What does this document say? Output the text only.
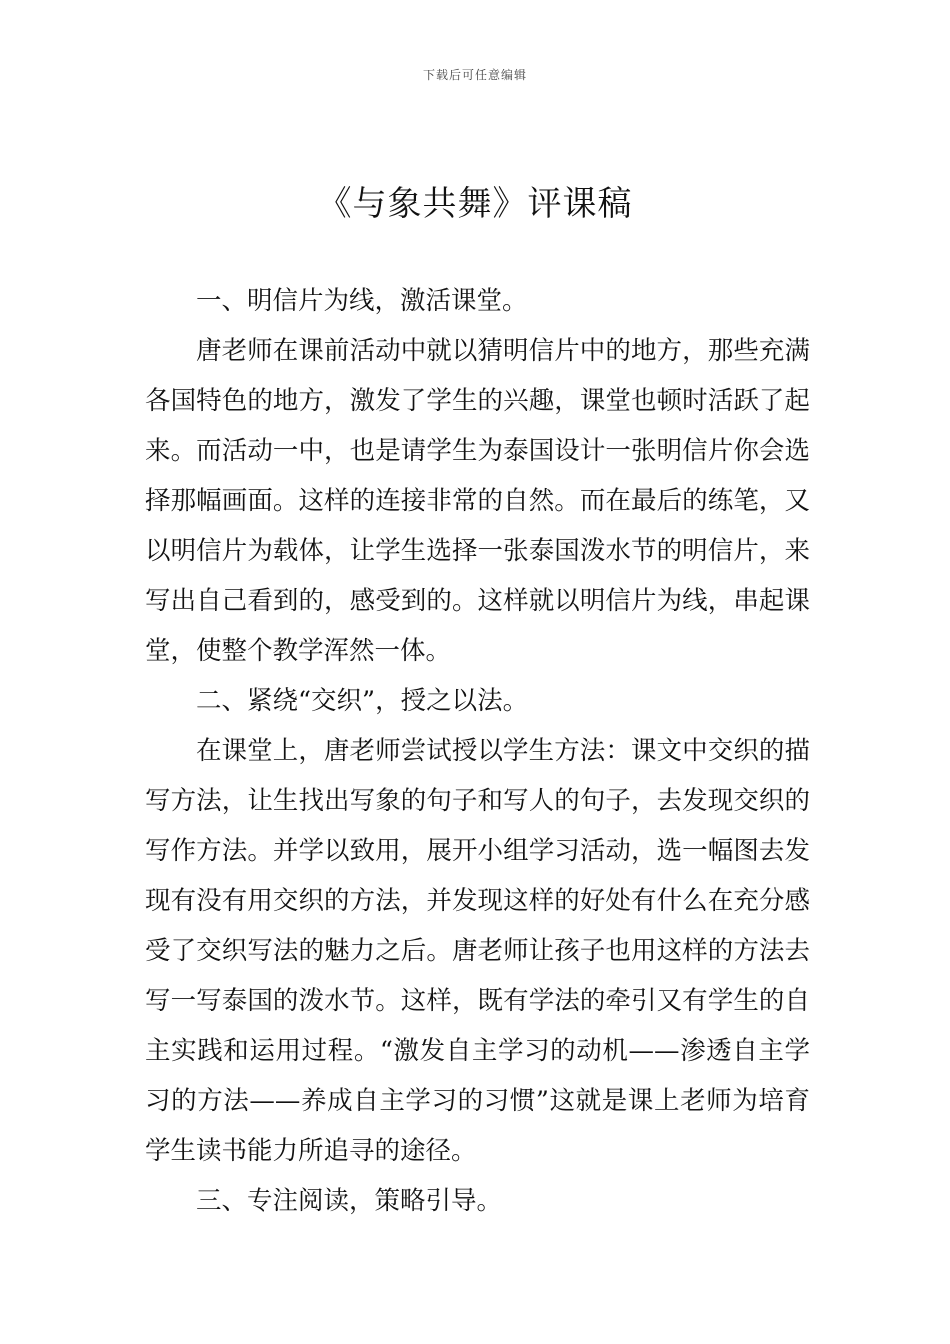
下载后可任意编辑
《与象共舞》评课稿

一、明信片为线，激活课堂。

唐老师在课前活动中就以猜明信片中的地方，那些充满各国特色的地方，激发了学生的兴趣，课堂也顿时活跃了起来。而活动一中，也是请学生为泰国设计一张明信片你会选择那幅画面。这样的连接非常的自然。而在最后的练笔，又以明信片为载体，让学生选择一张泰国泼水节的明信片，来写出自己看到的，感受到的。这样就以明信片为线，串起课堂，使整个教学浑然一体。

二、紧绕“交织”，授之以法。

在课堂上，唐老师尝试授以学生方法：课文中交织的描写方法，让生找出写象的句子和写人的句子，去发现交织的写作方法。并学以致用，展开小组学习活动，选一幅图去发现有没有用交织的方法，并发现这样的好处有什么在充分感受了交织写法的魅力之后。唐老师让孩子也用这样的方法去写一写泰国的泼水节。这样，既有学法的牵引又有学生的自主实践和运用过程。“激发自主学习的动机——渗透自主学习的方法——养成自主学习的习惯”这就是课上老师为培育学生读书能力所追寻的途径。

三、专注阅读，策略引导。
